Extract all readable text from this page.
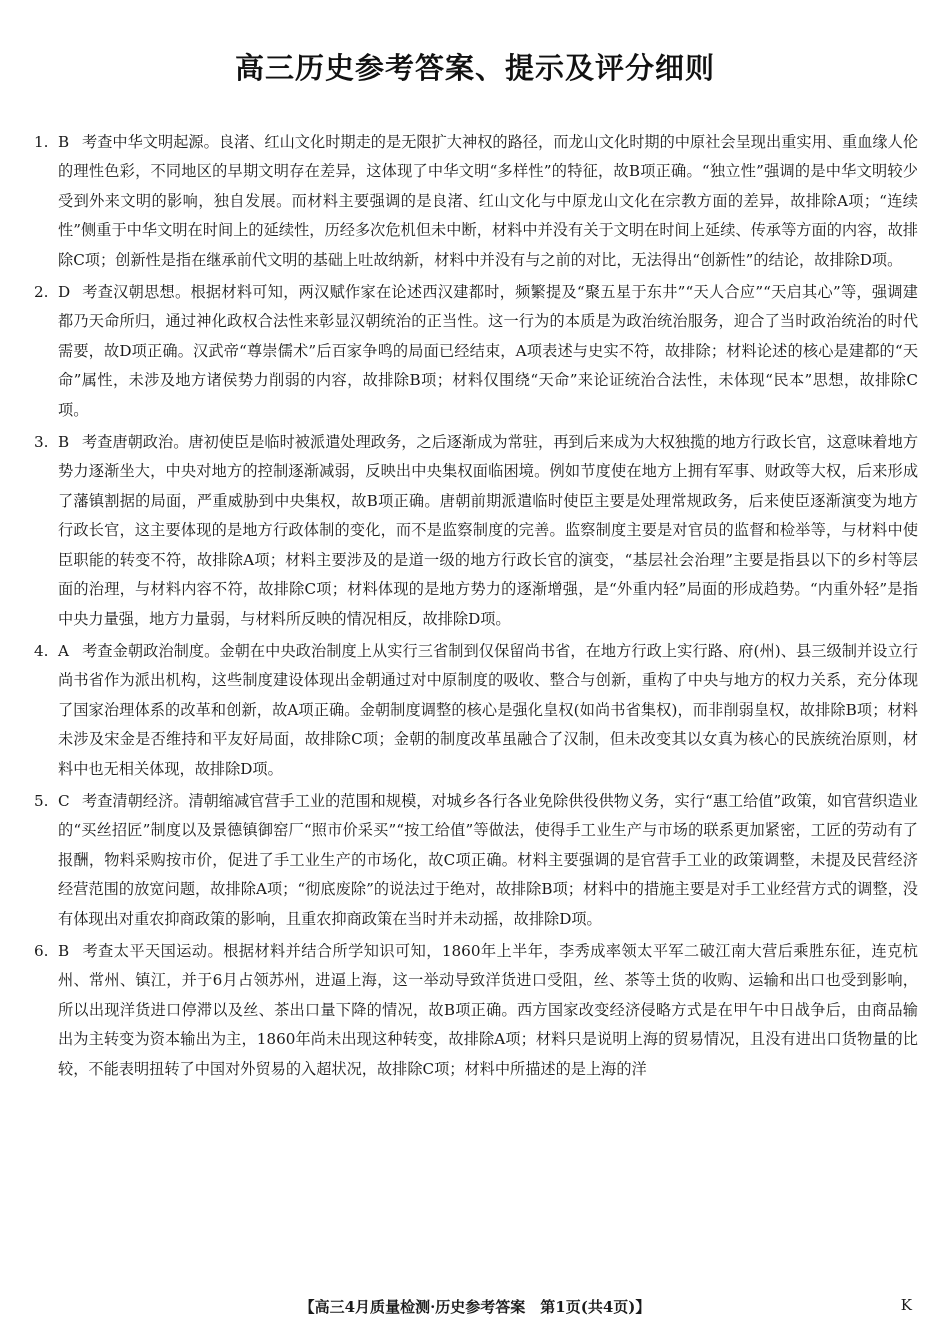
高三历史参考答案、提示及评分细则

1. B 考查中华文明起源。良渚、红山文化时期走的是无限扩大神权的路径，而龙山文化时期的中原社会呈现出重实用、重血缘人伦的理性色彩，不同地区的早期文明存在差异，这体现了中华文明“多样性”的特征，故B项正确。“独立性”强调的是中华文明较少受到外来文明的影响，独自发展。而材料主要强调的是良渚、红山文化与中原龙山文化在宗教方面的差异，故排除A项；“连续性”侧重于中华文明在时间上的延续性，历经多次危机但未中断，材料中并没有关于文明在时间上延续、传承等方面的内容，故排除C项；创新性是指在继承前代文明的基础上吐故纳新，材料中并没有与之前的对比，无法得出“创新性”的结论，故排除D项。

2. D 考查汉朝思想。根据材料可知，两汉赋作家在论述西汉建都时，频繁提及“聚五星于东井”“天人合应”“天启其心”等，强调建都乃天命所归，通过神化政权合法性来彰显汉朝统治的正当性。这一行为的本质是为政治统治服务，迎合了当时政治统治的时代需要，故D项正确。汉武帝“尊崇儒术”后百家争鸣的局面已经结束，A项表述与史实不符，故排除；材料论述的核心是建都的“天命”属性，未涉及地方诸侯势力削弱的内容，故排除B项；材料仅围绕“天命”来论证统治合法性，未体现“民本”思想，故排除C项。

3. B 考查唐朝政治。唐初使臣是临时被派遣处理政务，之后逐渐成为常驻，再到后来成为大权独揽的地方行政长官，这意味着地方势力逐渐坐大，中央对地方的控制逐渐减弱，反映出中央集权面临困境。例如节度使在地方上拥有军事、财政等大权，后来形成了藩镇割据的局面，严重威胁到中央集权，故B项正确。唐朝前期派遣临时使臣主要是处理常规政务，后来使臣逐渐演变为地方行政长官，这主要体现的是地方行政体制的变化，而不是监察制度的完善。监察制度主要是对官员的监督和检举等，与材料中使臣职能的转变不符，故排除A项；材料主要涉及的是道一级的地方行政长官的演变，“基层社会治理”主要是指县以下的乡村等层面的治理，与材料内容不符，故排除C项；材料体现的是地方势力的逐渐增强，是“外重内轻”局面的形成趋势。“内重外轻”是指中央力量强，地方力量弱，与材料所反映的情况相反，故排除D项。

4. A 考查金朝政治制度。金朝在中央政治制度上从实行三省制到仅保留尚书省，在地方行政上实行路、府(州)、县三级制并设立行尚书省作为派出机构，这些制度建设体现出金朝通过对中原制度的吸收、整合与创新，重构了中央与地方的权力关系，充分体现了国家治理体系的改革和创新，故A项正确。金朝制度调整的核心是强化皇权(如尚书省集权)，而非削弱皇权，故排除B项；材料未涉及宋金是否维持和平友好局面，故排除C项；金朝的制度改革虽融合了汉制，但未改变其以女真为核心的民族统治原则，材料中也无相关体现，故排除D项。

5. C 考查清朝经济。清朝缩减官营手工业的范围和规模，对城乡各行各业免除供役供物义务，实行“惠工给值”政策，如官营织造业的“买丝招匠”制度以及景德镇御窑厂“照市价采买”“按工给值”等做法，使得手工业生产与市场的联系更加紧密，工匠的劳动有了报酬，物料采购按市价，促进了手工业生产的市场化，故C项正确。材料主要强调的是官营手工业的政策调整，未提及民营经济经营范围的放宽问题，故排除A项；“彻底废除”的说法过于绝对，故排除B项；材料中的措施主要是对手工业经营方式的调整，没有体现出对重农抑商政策的影响，且重农抑商政策在当时并未动摇，故排除D项。

6. B 考查太平天国运动。根据材料并结合所学知识可知，1860年上半年，李秀成率领太平军二破江南大营后乘胜东征，连克杭州、常州、镇江，并于6月占领苏州，进逼上海，这一举动导致洋货进口受阻，丝、茶等土货的收购、运输和出口也受到影响，所以出现洋货进口停滞以及丝、茶出口量下降的情况，故B项正确。西方国家改变经济侵略方式是在甲午中日战争后，由商品输出为主转变为资本输出为主，1860年尚未出现这种转变，故排除A项；材料只是说明上海的贸易情况，且没有进出口货物量的比较，不能表明扭转了中国对外贸易的入超状况，故排除C项；材料中所描述的是上海的洋

【高三4月质量检测·历史参考答案　第1页(共4页)】	K
